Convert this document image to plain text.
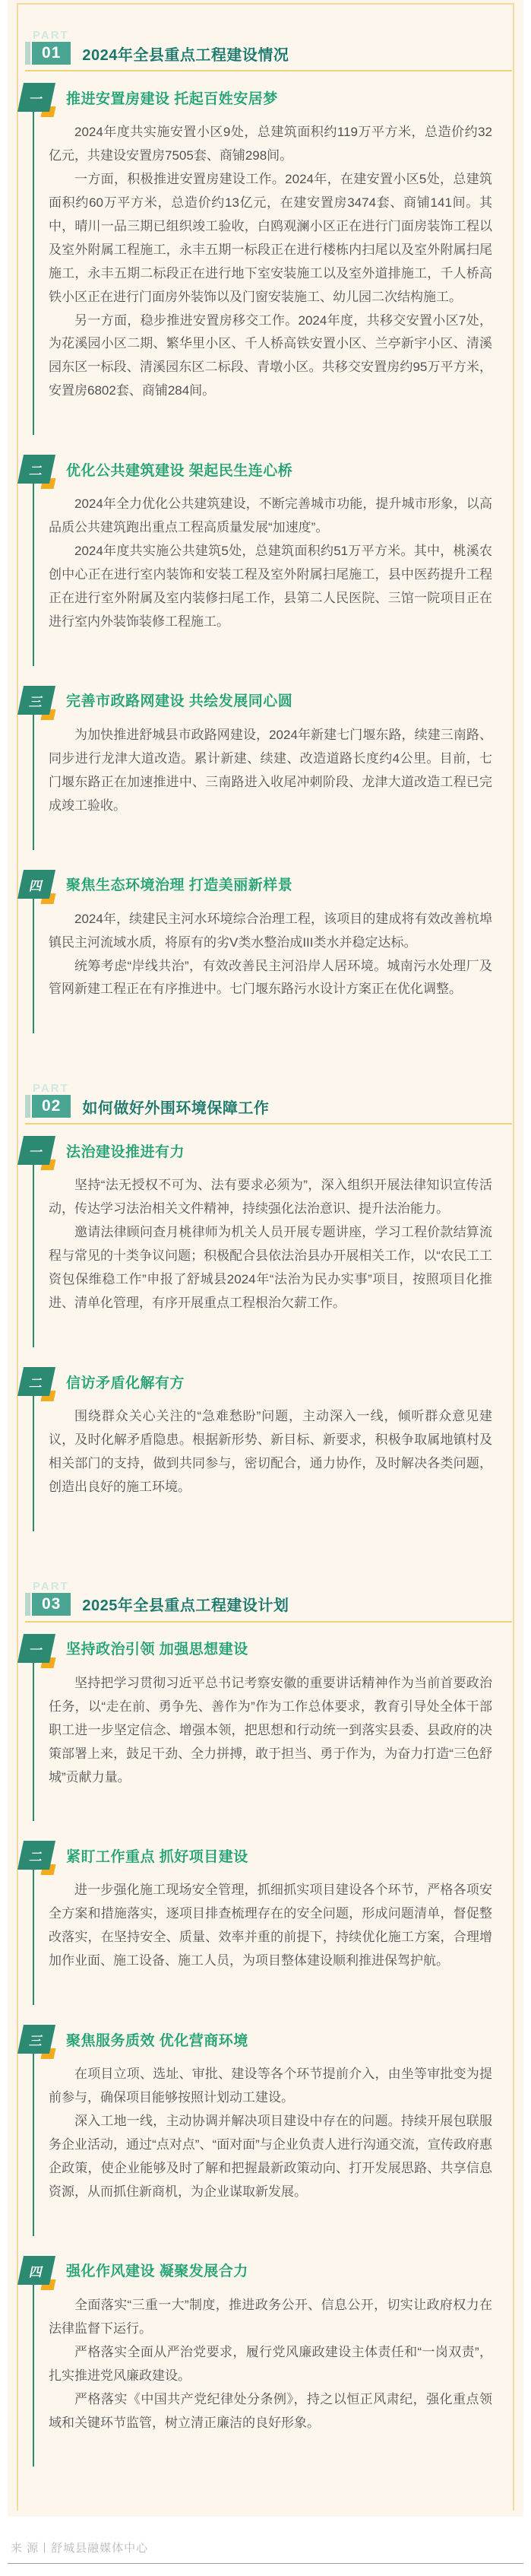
PART
01	2024年全县重点工程建设情况
一	推进安置房建设 托起百姓安居梦

2024年度共实施安置小区9处，总建筑面积约119万平方米，总造价约32亿元，共建设安置房7505套、商铺298间。

一方面，积极推进安置房建设工作。2024年，在建安置小区5处，总建筑面积约60万平方米，总造价约13亿元，在建安置房3474套、商铺141间。其中，晴川一品三期已组织竣工验收，白鸥观澜小区正在进行门面房装饰工程以及室外附属工程施工，永丰五期一标段正在进行楼栋内扫尾以及室外附属扫尾施工，永丰五期二标段正在进行地下室安装施工以及室外道排施工，千人桥高铁小区正在进行门面房外装饰以及门窗安装施工、幼儿园二次结构施工。

另一方面，稳步推进安置房移交工作。2024年度，共移交安置小区7处，为花溪园小区二期、繁华里小区、千人桥高铁安置小区、兰亭新宇小区、清溪园东区一标段、清溪园东区二标段、青墩小区。共移交安置房约95万平方米，安置房6802套、商铺284间。

二	优化公共建筑建设 架起民生连心桥

2024年全力优化公共建筑建设，不断完善城市功能，提升城市形象，以高品质公共建筑跑出重点工程高质量发展“加速度”。

2024年度共实施公共建筑5处，总建筑面积约51万平方米。其中，桃溪农创中心正在进行室内装饰和安装工程及室外附属扫尾施工，县中医药提升工程正在进行室外附属及室内装修扫尾工作，县第二人民医院、三馆一院项目正在进行室内外装饰装修工程施工。

三	完善市政路网建设 共绘发展同心圆

为加快推进舒城县市政路网建设，2024年新建七门堰东路，续建三南路、同步进行龙津大道改造。累计新建、续建、改造道路长度约4公里。目前，七门堰东路正在加速推进中、三南路进入收尾冲刺阶段、龙津大道改造工程已完成竣工验收。

四	聚焦生态环境治理 打造美丽新样景

2024年，续建民主河水环境综合治理工程，该项目的建成将有效改善杭埠镇民主河流域水质，将原有的劣V类水整治成III类水并稳定达标。

统筹考虑“岸线共治”，有效改善民主河沿岸人居环境。城南污水处理厂及管网新建工程正在有序推进中。七门堰东路污水设计方案正在优化调整。

PART
02	如何做好外围环境保障工作
一	法治建设推进有力

坚持“法无授权不可为、法有要求必须为”，深入组织开展法律知识宣传活动，传达学习法治相关文件精神，持续强化法治意识、提升法治能力。

邀请法律顾问查月桃律师为机关人员开展专题讲座，学习工程价款结算流程与常见的十类争议问题；积极配合县依法治县办开展相关工作，以“农民工工资包保维稳工作”申报了舒城县2024年“法治为民办实事”项目，按照项目化推进、清单化管理，有序开展重点工程根治欠薪工作。

二	信访矛盾化解有方

围绕群众关心关注的“急难愁盼”问题，主动深入一线，倾听群众意见建议，及时化解矛盾隐患。根据新形势、新目标、新要求，积极争取属地镇村及相关部门的支持，做到共同参与，密切配合，通力协作，及时解决各类问题，创造出良好的施工环境。

PART
03	2025年全县重点工程建设计划
一	坚持政治引领 加强思想建设

坚持把学习贯彻习近平总书记考察安徽的重要讲话精神作为当前首要政治任务，以“走在前、勇争先、善作为”作为工作总体要求，教育引导处全体干部职工进一步坚定信念、增强本领，把思想和行动统一到落实县委、县政府的决策部署上来，鼓足干劲、全力拼搏，敢于担当、勇于作为，为奋力打造“三色舒城”贡献力量。

二	紧盯工作重点 抓好项目建设

进一步强化施工现场安全管理，抓细抓实项目建设各个环节，严格各项安全方案和措施落实，逐项目排查梳理存在的安全问题，形成问题清单，督促整改落实，在坚持安全、质量、效率并重的前提下，持续优化施工方案，合理增加作业面、施工设备、施工人员，为项目整体建设顺利推进保驾护航。

三	聚焦服务质效 优化营商环境

在项目立项、选址、审批、建设等各个环节提前介入，由坐等审批变为提前参与，确保项目能够按照计划动工建设。

深入工地一线，主动协调并解决项目建设中存在的问题。持续开展包联服务企业活动，通过“点对点”、“面对面”与企业负责人进行沟通交流，宣传政府惠企政策，使企业能够及时了解和把握最新政策动向、打开发展思路、共享信息资源，从而抓住新商机，为企业谋取新发展。

四	强化作风建设 凝聚发展合力

全面落实“三重一大”制度，推进政务公开、信息公开，切实让政府权力在法律监督下运行。

严格落实全面从严治党要求，履行党风廉政建设主体责任和“一岗双责”，扎实推进党风廉政建设。

严格落实《中国共产党纪律处分条例》，持之以恒正风肃纪，强化重点领域和关键环节监管，树立清正廉洁的良好形象。

来 源丨舒城县融媒体中心
